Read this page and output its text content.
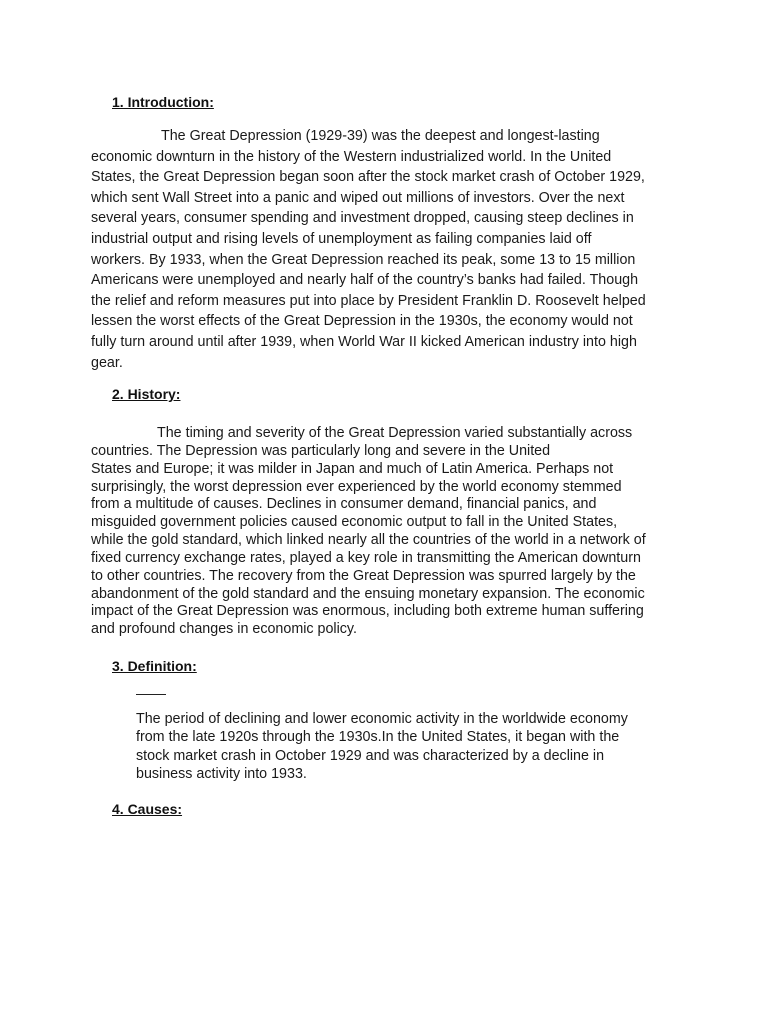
1. Introduction:

The Great Depression (1929-39) was the deepest and longest-lasting
economic downturn in the history of the Western industrialized world. In the United
States, the Great Depression began soon after the stock market crash of October 1929,
which sent Wall Street into a panic and wiped out millions of investors. Over the next
several years, consumer spending and investment dropped, causing steep declines in
industrial output and rising levels of unemployment as failing companies laid off
workers. By 1933, when the Great Depression reached its peak, some 13 to 15 million
Americans were unemployed and nearly half of the country’s banks had failed. Though
the relief and reform measures put into place by President Franklin D. Roosevelt helped
lessen the worst effects of the Great Depression in the 1930s, the economy would not
fully turn around until after 1939, when World War II kicked American industry into high
gear.

2. History:

The timing and severity of the Great Depression varied substantially across
countries. The Depression was particularly long and severe in the United
States and Europe; it was milder in Japan and much of Latin America. Perhaps not
surprisingly, the worst depression ever experienced by the world economy stemmed
from a multitude of causes. Declines in consumer demand, financial panics, and
misguided government policies caused economic output to fall in the United States,
while the gold standard, which linked nearly all the countries of the world in a network of
fixed currency exchange rates, played a key role in transmitting the American downturn
to other countries. The recovery from the Great Depression was spurred largely by the
abandonment of the gold standard and the ensuing monetary expansion. The economic
impact of the Great Depression was enormous, including both extreme human suffering
and profound changes in economic policy.

3. Definition:

The period of declining and lower economic activity in the worldwide economy
from the late 1920s through the 1930s.In the United States, it began with the
stock market crash in October 1929 and was characterized by a decline in
business activity into 1933.

4. Causes:
